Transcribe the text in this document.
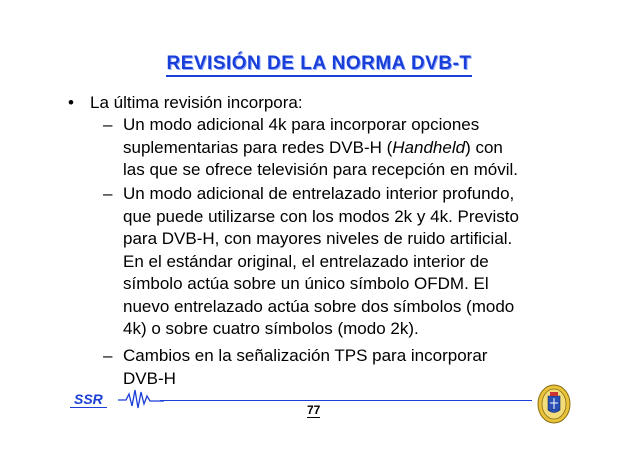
REVISIÓN DE LA NORMA DVB-T
• La última revisión incorpora:
– Un modo adicional 4k para incorporar opciones
suplementarias para redes DVB-H (Handheld) con
las que se ofrece televisión para recepción en móvil.
– Un modo adicional de entrelazado interior profundo,
que puede utilizarse con los modos 2k y 4k. Previsto
para DVB-H, con mayores niveles de ruido artificial.
En el estándar original, el entrelazado interior de
símbolo actúa sobre un único símbolo OFDM. El
nuevo entrelazado actúa sobre dos símbolos (modo
4k) o sobre cuatro símbolos (modo 2k).
– Cambios en la señalización TPS para incorporar
DVB-H
SSR
77
